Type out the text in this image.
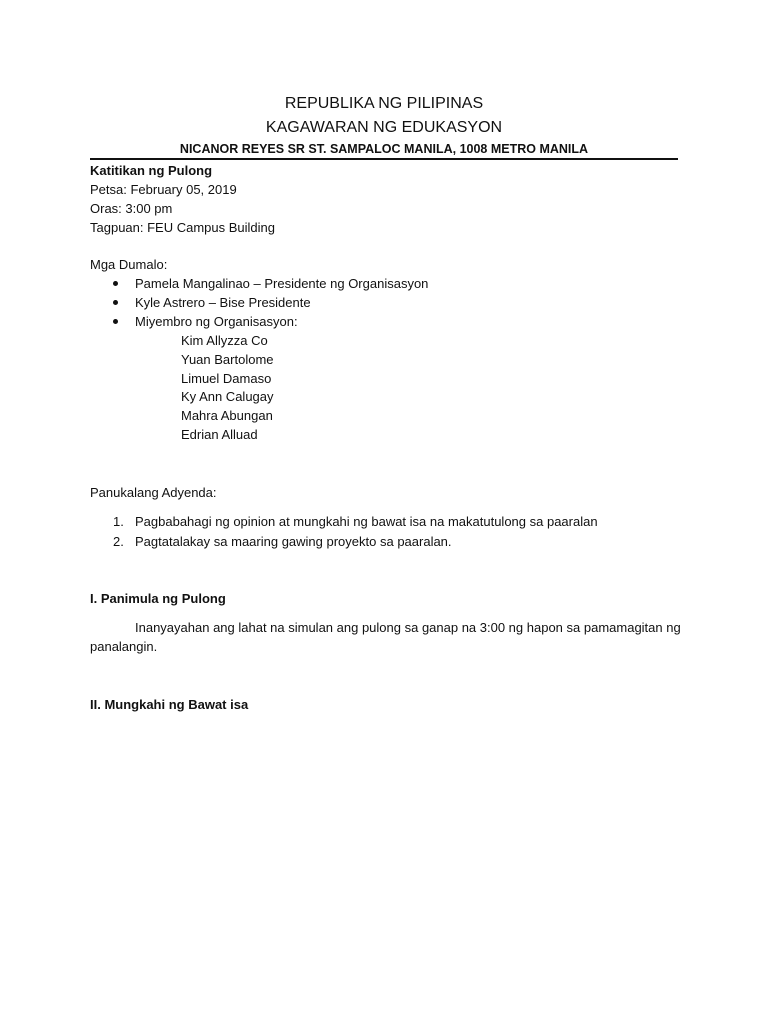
REPUBLIKA NG PILIPINAS
KAGAWARAN NG EDUKASYON
NICANOR REYES SR ST. SAMPALOC MANILA, 1008 METRO MANILA
Katitikan ng Pulong
Petsa: February 05, 2019
Oras: 3:00 pm
Tagpuan: FEU Campus Building
Mga Dumalo:
Pamela Mangalinao – Presidente ng Organisasyon
Kyle Astrero – Bise Presidente
Miyembro ng Organisasyon:
Kim Allyzza Co
Yuan Bartolome
Limuel Damaso
Ky Ann Calugay
Mahra Abungan
Edrian Alluad
Panukalang Adyenda:
1. Pagbabahagi ng opinion at mungkahi ng bawat isa na makatutulong sa paaralan
2. Pagtatalakay sa maaring gawing proyekto sa paaralan.
I. Panimula ng Pulong
Inanyayahan ang lahat na simulan ang pulong sa ganap na 3:00 ng hapon sa pamamagitan ng
panalangin.
II. Mungkahi ng Bawat isa
